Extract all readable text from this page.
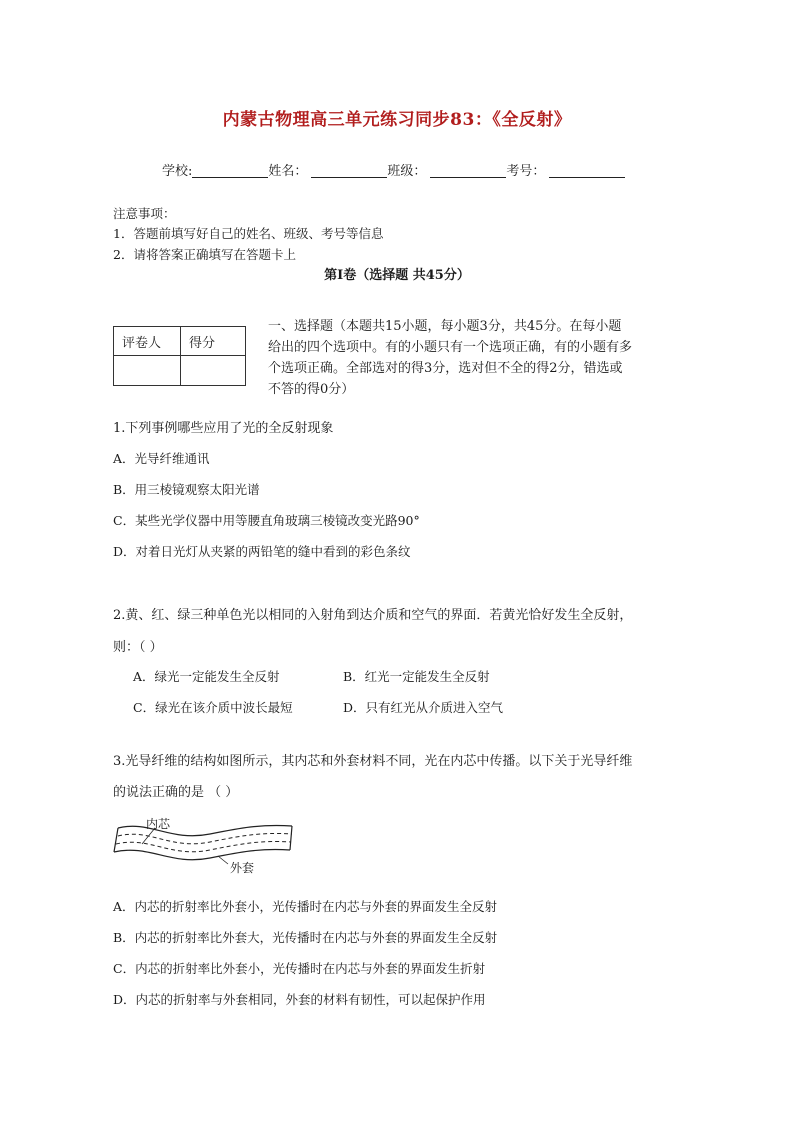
内蒙古物理高三单元练习同步83：《全反射》
学校:	姓名：	班级：	考号：
注意事项：
1．答题前填写好自己的姓名、班级、考号等信息
2．请将答案正确填写在答题卡上
第I卷（选择题 共45分）
评卷人	得分

一、选择题（本题共15小题，每小题3分，共45分。在每小题
给出的四个选项中。有的小题只有一个选项正确，有的小题有多
个选项正确。全部选对的得3分，选对但不全的得2分，错选或
不答的得0分）
1.下列事例哪些应用了光的全反射现象
A．光导纤维通讯
B．用三棱镜观察太阳光谱
C．某些光学仪器中用等腰直角玻璃三棱镜改变光路90°
D．对着日光灯从夹紧的两铅笔的缝中看到的彩色条纹
2.黄、红、绿三种单色光以相同的入射角到达介质和空气的界面．若黄光恰好发生全反射，
则：（ ）
A．绿光一定能发生全反射	B．红光一定能发生全反射
C．绿光在该介质中波长最短	D．只有红光从介质进入空气
3.光导纤维的结构如图所示，其内芯和外套材料不同，光在内芯中传播。以下关于光导纤维
的说法正确的是 （ ）
内芯
外套
A．内芯的折射率比外套小，光传播时在内芯与外套的界面发生全反射
B．内芯的折射率比外套大，光传播时在内芯与外套的界面发生全反射
C．内芯的折射率比外套小，光传播时在内芯与外套的界面发生折射
D．内芯的折射率与外套相同，外套的材料有韧性，可以起保护作用
